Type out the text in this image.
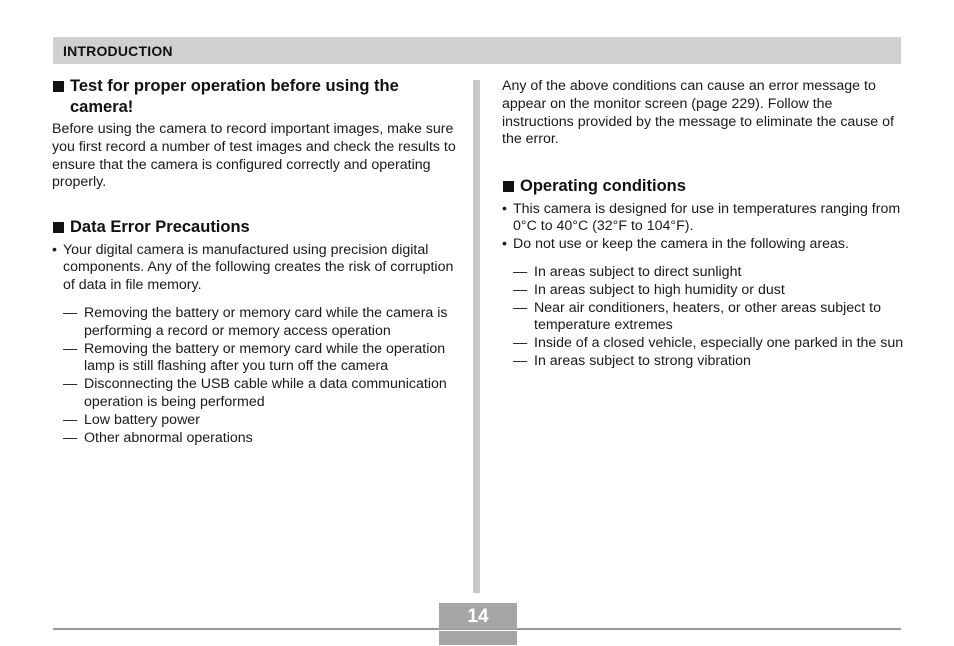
INTRODUCTION
Test for proper operation before using the camera!

Before using the camera to record important images, make sure you first record a number of test images and check the results to ensure that the camera is configured correctly and operating properly.

Data Error Precautions
• Your digital camera is manufactured using precision digital components. Any of the following creates the risk of corruption of data in file memory.
— Removing the battery or memory card while the camera is performing a record or memory access operation
— Removing the battery or memory card while the operation lamp is still flashing after you turn off the camera
— Disconnecting the USB cable while a data communication operation is being performed
— Low battery power
— Other abnormal operations

Any of the above conditions can cause an error message to appear on the monitor screen (page 229). Follow the instructions provided by the message to eliminate the cause of the error.

Operating conditions
• This camera is designed for use in temperatures ranging from 0°C to 40°C (32°F to 104°F).
• Do not use or keep the camera in the following areas.
— In areas subject to direct sunlight
— In areas subject to high humidity or dust
— Near air conditioners, heaters, or other areas subject to temperature extremes
— Inside of a closed vehicle, especially one parked in the sun
— In areas subject to strong vibration
14
